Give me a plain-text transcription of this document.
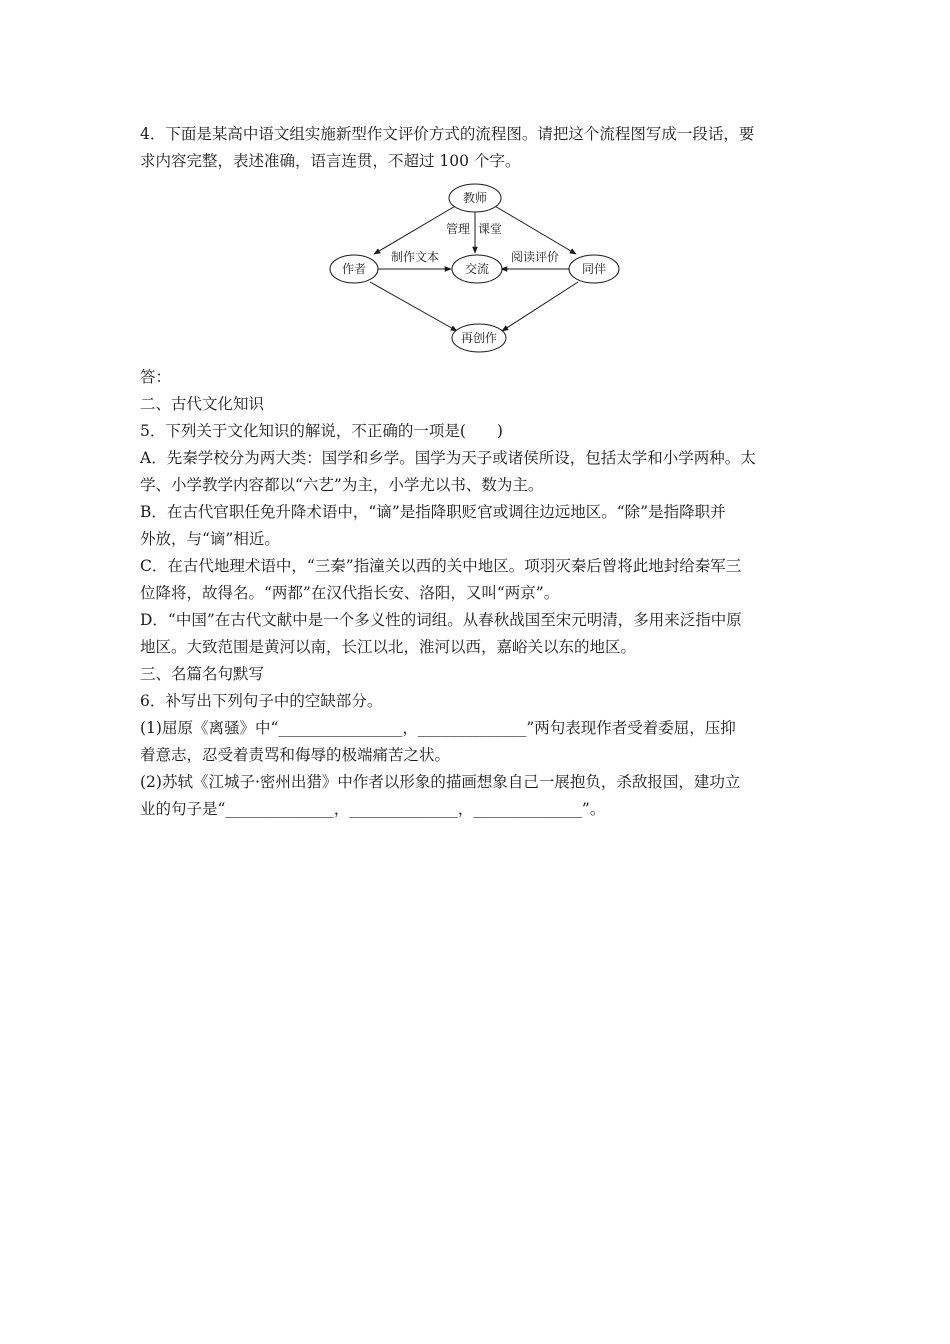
4．下面是某高中语文组实施新型作文评价方式的流程图。请把这个流程图写成一段话，要
求内容完整，表述准确，语言连贯，不超过 100 个字。
答：
二、古代文化知识
5．下列关于文化知识的解说，不正确的一项是(　　)
A．先秦学校分为两大类：国学和乡学。国学为天子或诸侯所设，包括太学和小学两种。太
学、小学教学内容都以“六艺”为主，小学尤以书、数为主。
B．在古代官职任免升降术语中，“谪”是指降职贬官或调往边远地区。“除”是指降职并
外放，与“谪”相近。
C．在古代地理术语中，“三秦”指潼关以西的关中地区。项羽灭秦后曾将此地封给秦军三
位降将，故得名。“两都”在汉代指长安、洛阳，又叫“两京”。
D．“中国”在古代文献中是一个多义性的词组。从春秋战国至宋元明清，多用来泛指中原
地区。大致范围是黄河以南，长江以北，淮河以西，嘉峪关以东的地区。
三、名篇名句默写
6．补写出下列句子中的空缺部分。
(1)屈原《离骚》中“________________，______________”两句表现作者受着委屈，压抑
着意志，忍受着责骂和侮辱的极端痛苦之状。
(2)苏轼《江城子·密州出猎》中作者以形象的描画想象自己一展抱负，杀敌报国，建功立
业的句子是“______________，______________，______________”。
管理 课堂
制作文本	阅读评价
教师
作者	交流	同伴
再创作
